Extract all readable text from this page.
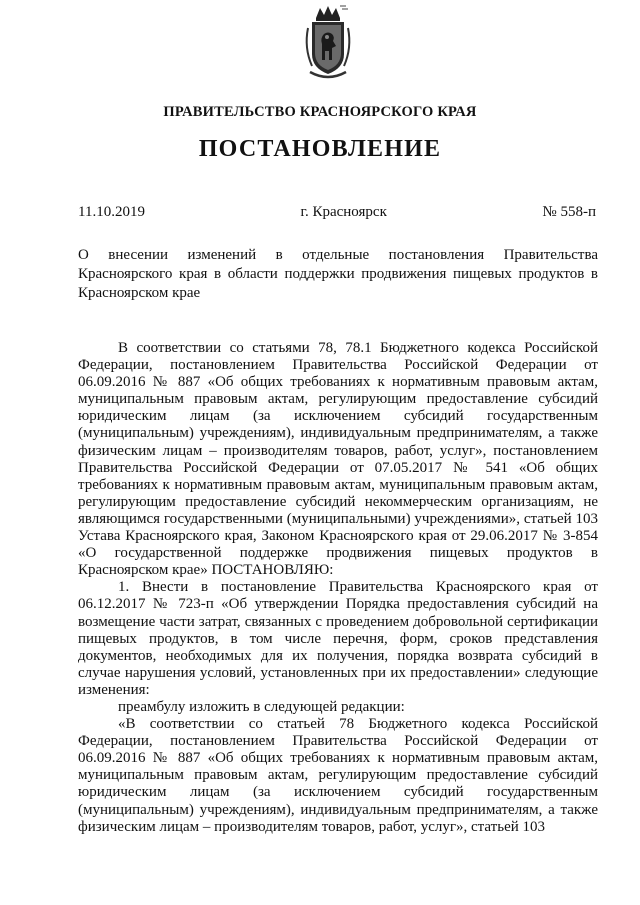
ПРАВИТЕЛЬСТВО КРАСНОЯРСКОГО КРАЯ
ПОСТАНОВЛЕНИЕ
11.10.2019	г. Красноярск	№ 558-п
О внесении изменений в отдельные постановления Правительства Красноярского края в области поддержки продвижения пищевых продуктов в Красноярском крае

В соответствии со статьями 78, 78.1 Бюджетного кодекса Российской Федерации, постановлением Правительства Российской Федерации от 06.09.2016 № 887 «Об общих требованиях к нормативным правовым актам, муниципальным правовым актам, регулирующим предоставление субсидий юридическим лицам (за исключением субсидий государственным (муниципальным) учреждениям), индивидуальным предпринимателям, а также физическим лицам – производителям товаров, работ, услуг», постановлением Правительства Российской Федерации от 07.05.2017 № 541 «Об общих требованиях к нормативным правовым актам, муниципальным правовым актам, регулирующим предоставление субсидий некоммерческим организациям, не являющимся государственными (муниципальными) учреждениями», статьей 103 Устава Красноярского края, Законом Красноярского края от 29.06.2017 № 3-854 «О государственной поддержке продвижения пищевых продуктов в Красноярском крае» ПОСТАНОВЛЯЮ:

1. Внести в постановление Правительства Красноярского края от 06.12.2017 № 723-п «Об утверждении Порядка предоставления субсидий на возмещение части затрат, связанных с проведением добровольной сертификации пищевых продуктов, в том числе перечня, форм, сроков представления документов, необходимых для их получения, порядка возврата субсидий в случае нарушения условий, установленных при их предоставлении» следующие изменения:

преамбулу изложить в следующей редакции:

«В соответствии со статьей 78 Бюджетного кодекса Российской Федерации, постановлением Правительства Российской Федерации от 06.09.2016 № 887 «Об общих требованиях к нормативным правовым актам, муниципальным правовым актам, регулирующим предоставление субсидий юридическим лицам (за исключением субсидий государственным (муниципальным) учреждениям), индивидуальным предпринимателям, а также физическим лицам – производителям товаров, работ, услуг», статьей 103
